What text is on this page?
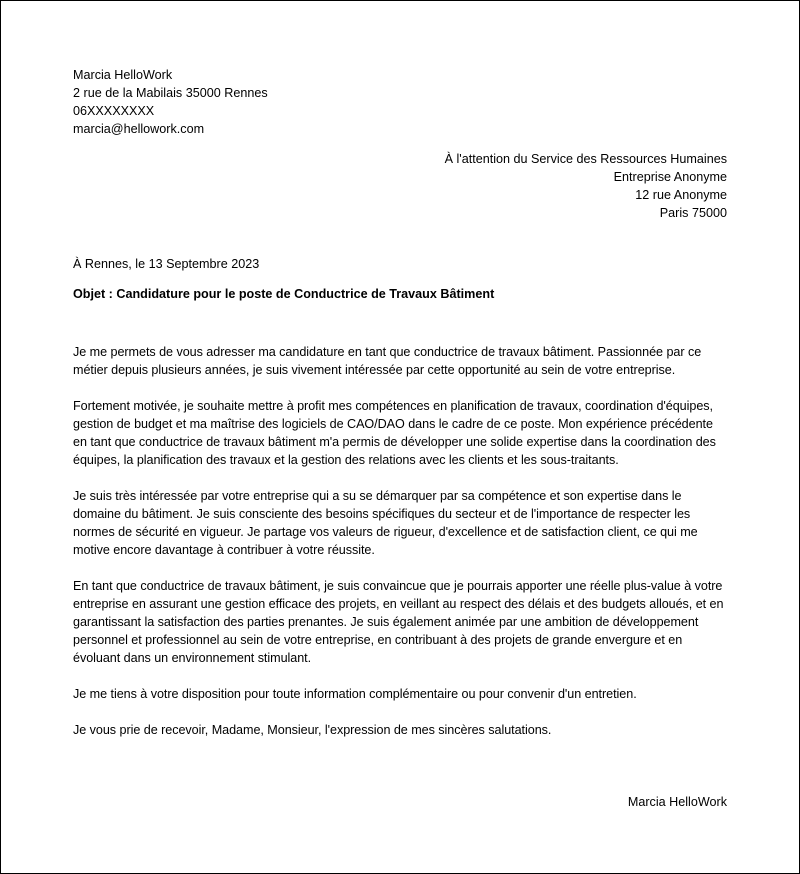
Marcia HelloWork
2 rue de la Mabilais 35000 Rennes
06XXXXXXXX
marcia@hellowork.com
À l'attention du Service des Ressources Humaines
Entreprise Anonyme
12 rue Anonyme
Paris 75000
À Rennes, le 13 Septembre 2023
Objet : Candidature pour le poste de Conductrice de Travaux Bâtiment

Je me permets de vous adresser ma candidature en tant que conductrice de travaux bâtiment. Passionnée par ce métier depuis plusieurs années, je suis vivement intéressée par cette opportunité au sein de votre entreprise.

Fortement motivée, je souhaite mettre à profit mes compétences en planification de travaux, coordination d'équipes, gestion de budget et ma maîtrise des logiciels de CAO/DAO dans le cadre de ce poste. Mon expérience précédente en tant que conductrice de travaux bâtiment m'a permis de développer une solide expertise dans la coordination des équipes, la planification des travaux et la gestion des relations avec les clients et les sous-traitants.

Je suis très intéressée par votre entreprise qui a su se démarquer par sa compétence et son expertise dans le domaine du bâtiment. Je suis consciente des besoins spécifiques du secteur et de l'importance de respecter les normes de sécurité en vigueur. Je partage vos valeurs de rigueur, d'excellence et de satisfaction client, ce qui me motive encore davantage à contribuer à votre réussite.

En tant que conductrice de travaux bâtiment, je suis convaincue que je pourrais apporter une réelle plus-value à votre entreprise en assurant une gestion efficace des projets, en veillant au respect des délais et des budgets alloués, et en garantissant la satisfaction des parties prenantes. Je suis également animée par une ambition de développement personnel et professionnel au sein de votre entreprise, en contribuant à des projets de grande envergure et en évoluant dans un environnement stimulant.

Je me tiens à votre disposition pour toute information complémentaire ou pour convenir d'un entretien.

Je vous prie de recevoir, Madame, Monsieur, l'expression de mes sincères salutations.

Marcia HelloWork
